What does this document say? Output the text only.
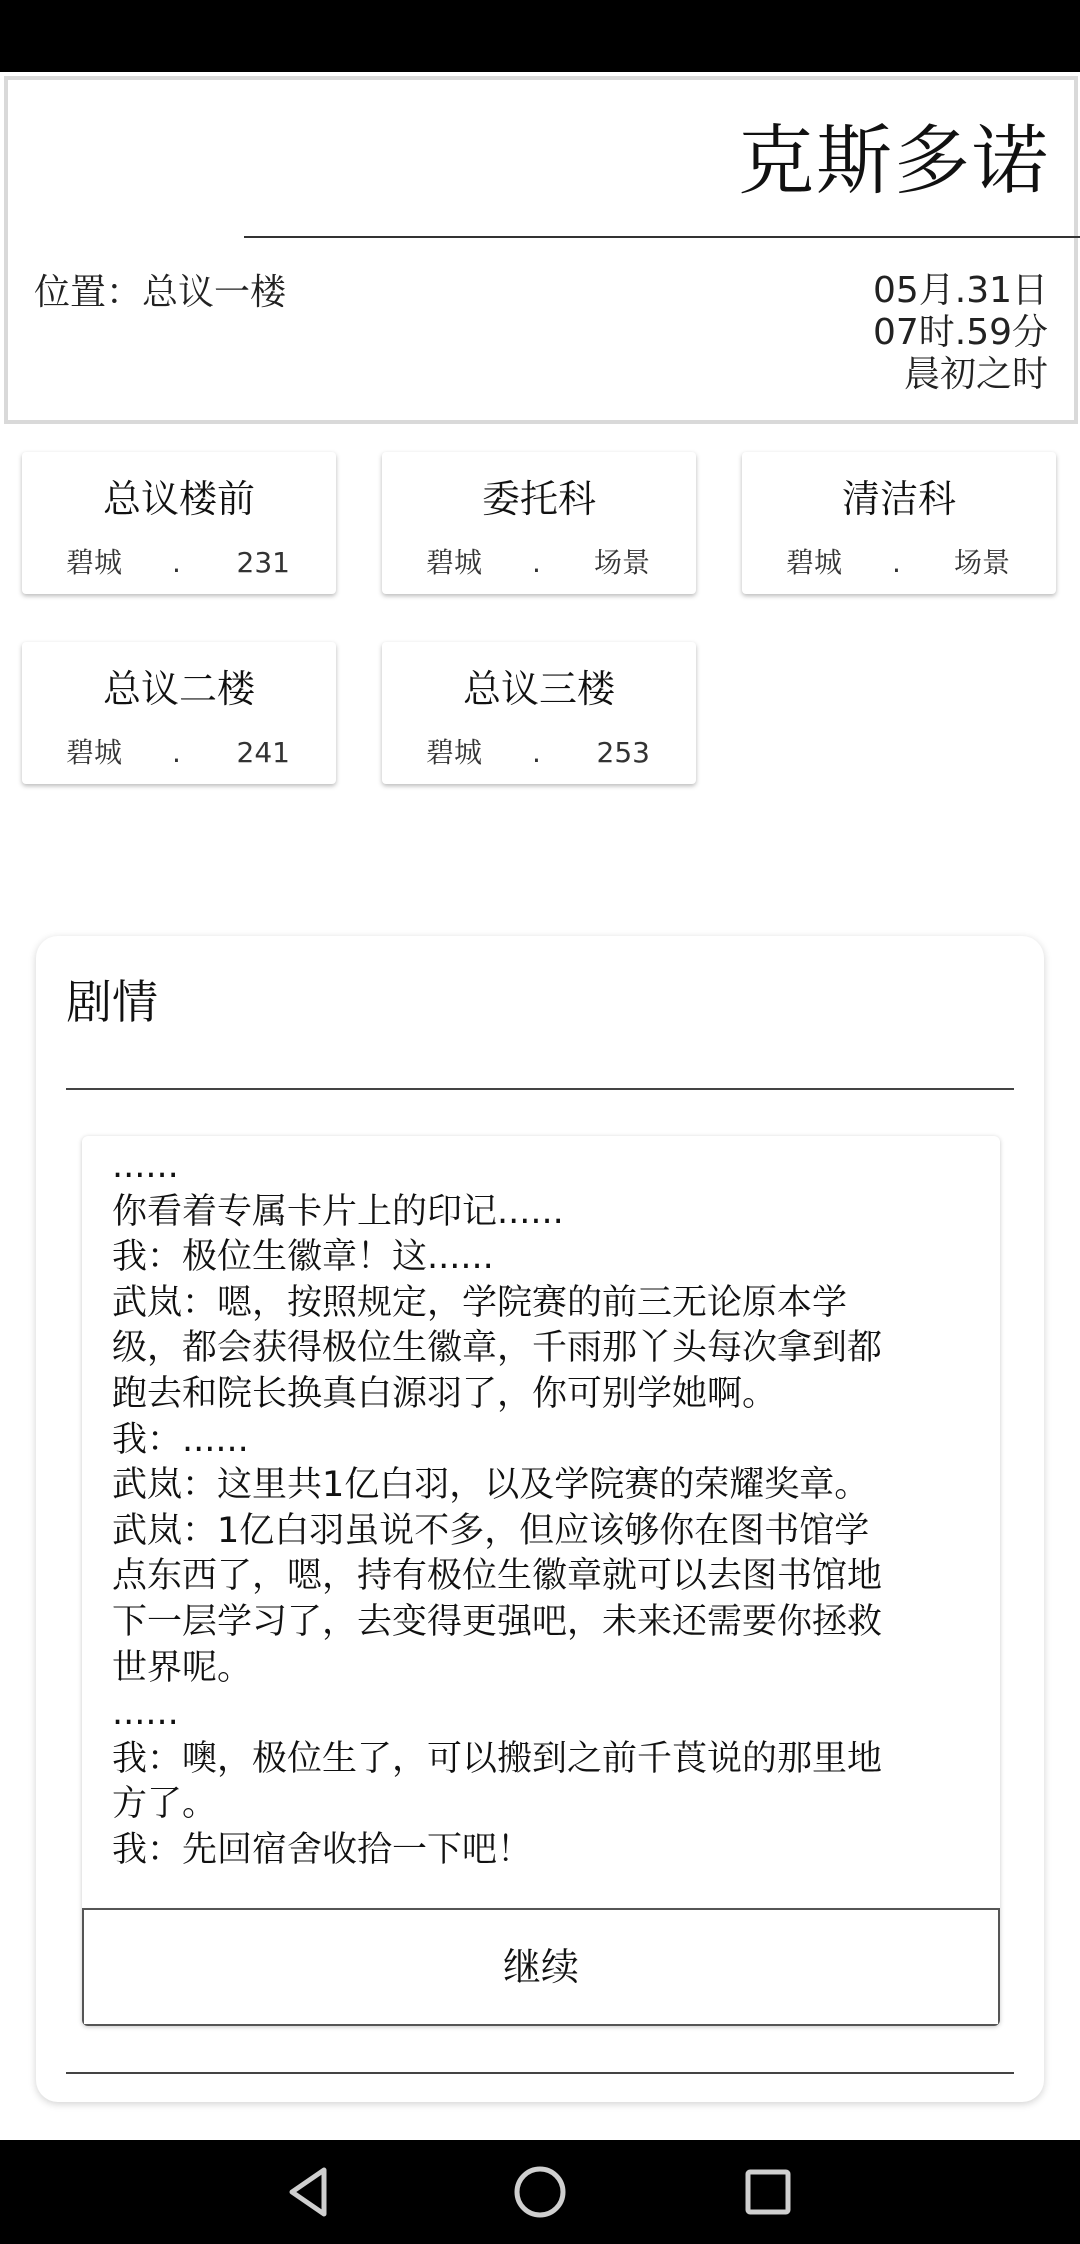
克斯多诺
位置：总议一楼	05月.31日
07时.59分
晨初之时
总议楼前
碧城 . 231
委托科
碧城 . 场景
清洁科
碧城 . 场景
总议二楼
碧城 . 241
总议三楼
碧城 . 253
剧情
......
你看着专属卡片上的印记......
我：极位生徽章！这......
武岚：嗯，按照规定，学院赛的前三无论原本学
级，都会获得极位生徽章，千雨那丫头每次拿到都
跑去和院长换真白源羽了，你可别学她啊。
我：......
武岚：这里共1亿白羽，以及学院赛的荣耀奖章。
武岚：1亿白羽虽说不多，但应该够你在图书馆学
点东西了，嗯，持有极位生徽章就可以去图书馆地
下一层学习了，去变得更强吧，未来还需要你拯救
世界呢。
......
我：噢，极位生了，可以搬到之前千莨说的那里地
方了。
我：先回宿舍收拾一下吧！
继续
